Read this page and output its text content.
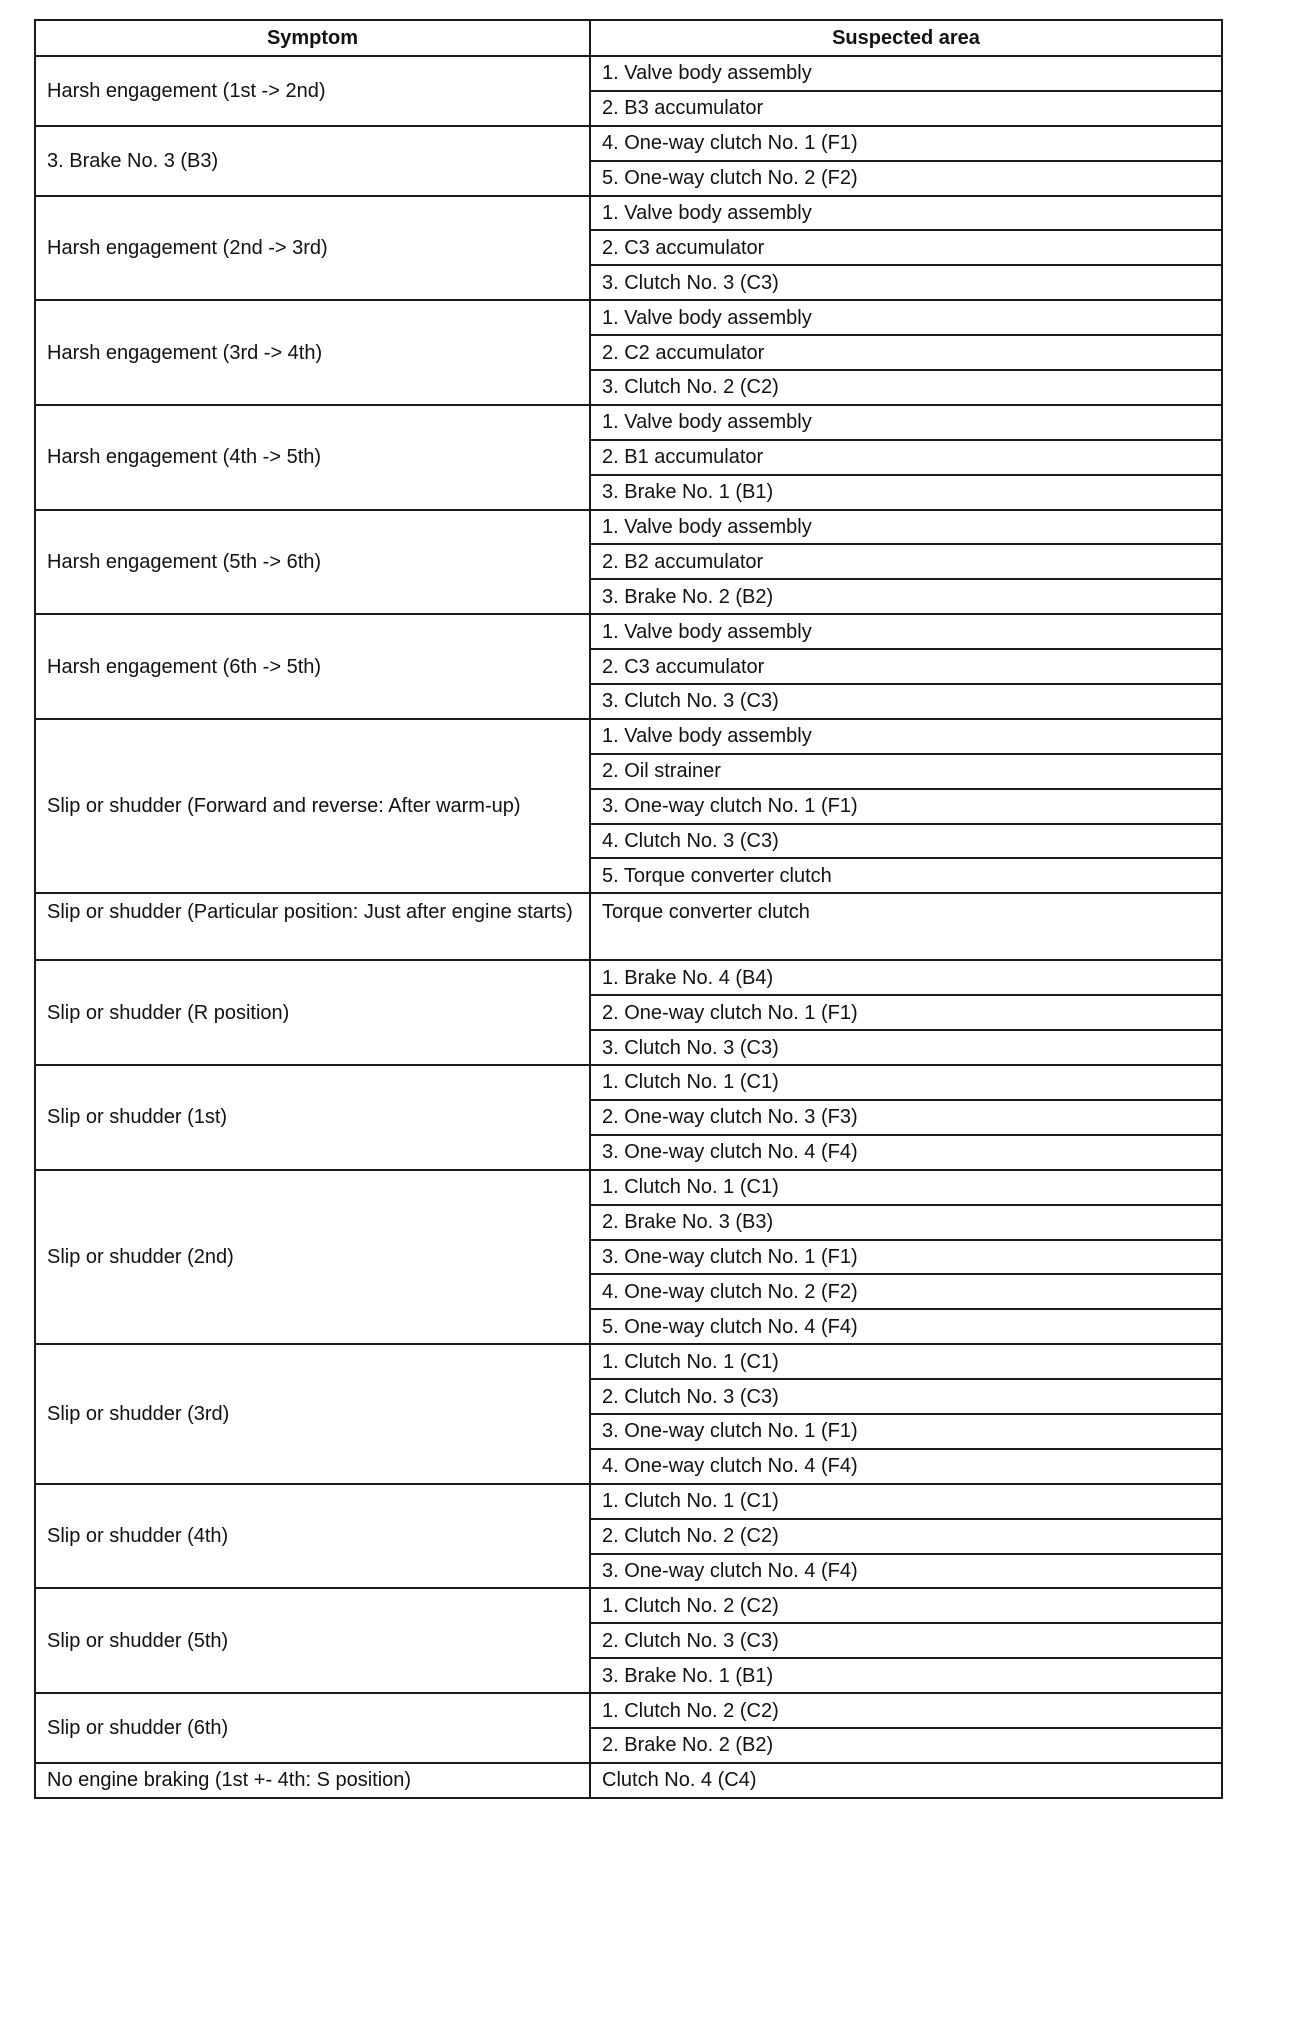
Symptom	Suspected area
Harsh engagement (1st -> 2nd)	1. Valve body assembly
	2. B3 accumulator
3. Brake No. 3 (B3)	4. One-way clutch No. 1 (F1)
	5. One-way clutch No. 2 (F2)
Harsh engagement (2nd -> 3rd)	1. Valve body assembly
	2. C3 accumulator
	3. Clutch No. 3 (C3)
Harsh engagement (3rd -> 4th)	1. Valve body assembly
	2. C2 accumulator
	3. Clutch No. 2 (C2)
Harsh engagement (4th -> 5th)	1. Valve body assembly
	2. B1 accumulator
	3. Brake No. 1 (B1)
Harsh engagement (5th -> 6th)	1. Valve body assembly
	2. B2 accumulator
	3. Brake No. 2 (B2)
Harsh engagement (6th -> 5th)	1. Valve body assembly
	2. C3 accumulator
	3. Clutch No. 3 (C3)
Slip or shudder (Forward and reverse: After warm-up)	1. Valve body assembly
	2. Oil strainer
	3. One-way clutch No. 1 (F1)
	4. Clutch No. 3 (C3)
	5. Torque converter clutch
Slip or shudder (Particular position: Just after engine starts)	Torque converter clutch
Slip or shudder (R position)	1. Brake No. 4 (B4)
	2. One-way clutch No. 1 (F1)
	3. Clutch No. 3 (C3)
Slip or shudder (1st)	1. Clutch No. 1 (C1)
	2. One-way clutch No. 3 (F3)
	3. One-way clutch No. 4 (F4)
Slip or shudder (2nd)	1. Clutch No. 1 (C1)
	2. Brake No. 3 (B3)
	3. One-way clutch No. 1 (F1)
	4. One-way clutch No. 2 (F2)
	5. One-way clutch No. 4 (F4)
Slip or shudder (3rd)	1. Clutch No. 1 (C1)
	2. Clutch No. 3 (C3)
	3. One-way clutch No. 1 (F1)
	4. One-way clutch No. 4 (F4)
Slip or shudder (4th)	1. Clutch No. 1 (C1)
	2. Clutch No. 2 (C2)
	3. One-way clutch No. 4 (F4)
Slip or shudder (5th)	1. Clutch No. 2 (C2)
	2. Clutch No. 3 (C3)
	3. Brake No. 1 (B1)
Slip or shudder (6th)	1. Clutch No. 2 (C2)
	2. Brake No. 2 (B2)
No engine braking (1st +- 4th: S position)	Clutch No. 4 (C4)
